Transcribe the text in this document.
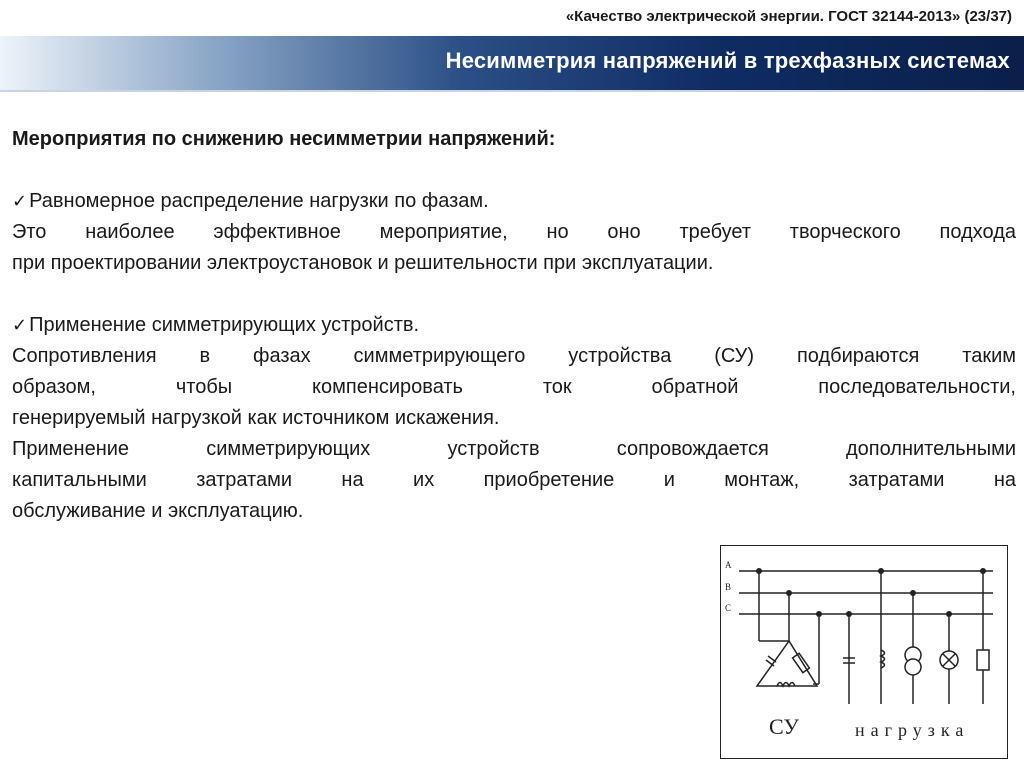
«Качество электрической энергии. ГОСТ 32144-2013» (23/37)
Несимметрия напряжений в трехфазных системах
Мероприятия по снижению несимметрии напряжений:
✓ Равномерное распределение нагрузки по фазам.

Это наиболее эффективное мероприятие, но оно требует творческого подхода

при проектировании электроустановок и решительности при эксплуатации.

✓ Применение симметрирующих устройств.

Сопротивления в фазах симметрирующего устройства (СУ) подбираются таким

образом, чтобы компенсировать ток обратной последовательности,

генерируемый нагрузкой как источником искажения.

Применение симметрирующих устройств сопровождается дополнительными

капитальными затратами на их приобретение и монтаж, затратами на

обслуживание и эксплуатацию.

A
B
C
СУ	нагрузка
